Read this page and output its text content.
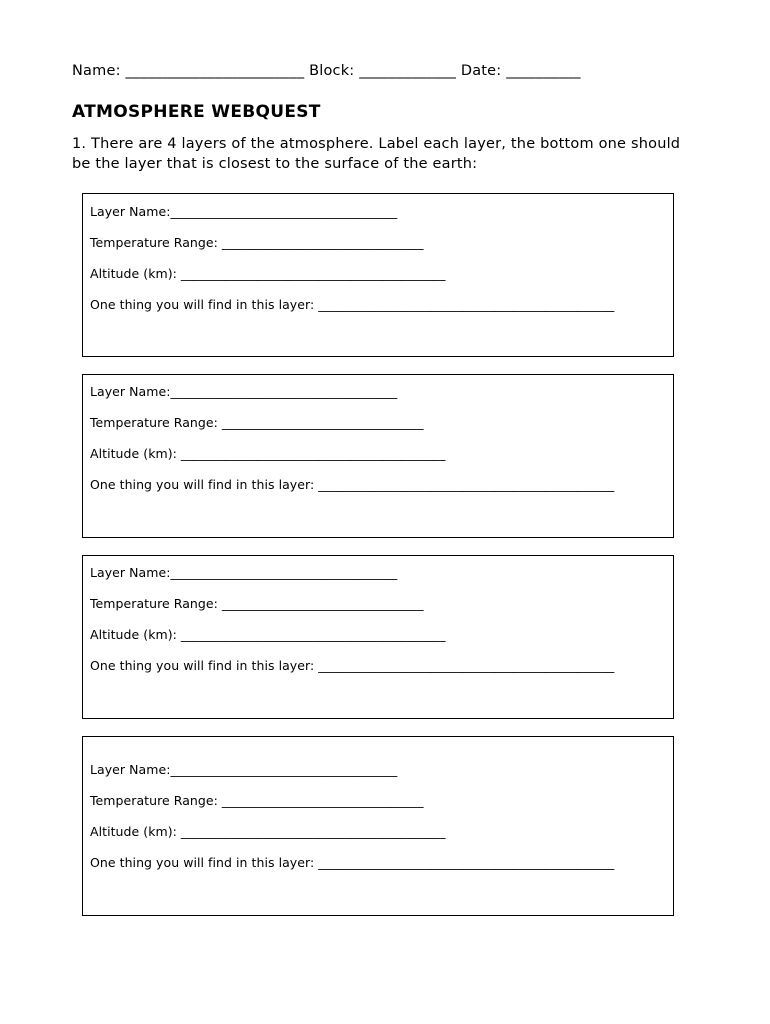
Name: ________________________ Block: _____________ Date: __________
ATMOSPHERE WEBQUEST
1. There are 4 layers of the atmosphere. Label each layer, the bottom one should be the layer that is closest to the surface of the earth:
Layer Name:____________________________________
Temperature Range: ________________________________
Altitude (km): __________________________________________
One thing you will find in this layer: _______________________________________________
Layer Name:____________________________________
Temperature Range: ________________________________
Altitude (km): __________________________________________
One thing you will find in this layer: _______________________________________________
Layer Name:____________________________________
Temperature Range: ________________________________
Altitude (km): __________________________________________
One thing you will find in this layer: _______________________________________________
Layer Name:____________________________________
Temperature Range: ________________________________
Altitude (km): __________________________________________
One thing you will find in this layer: _______________________________________________
